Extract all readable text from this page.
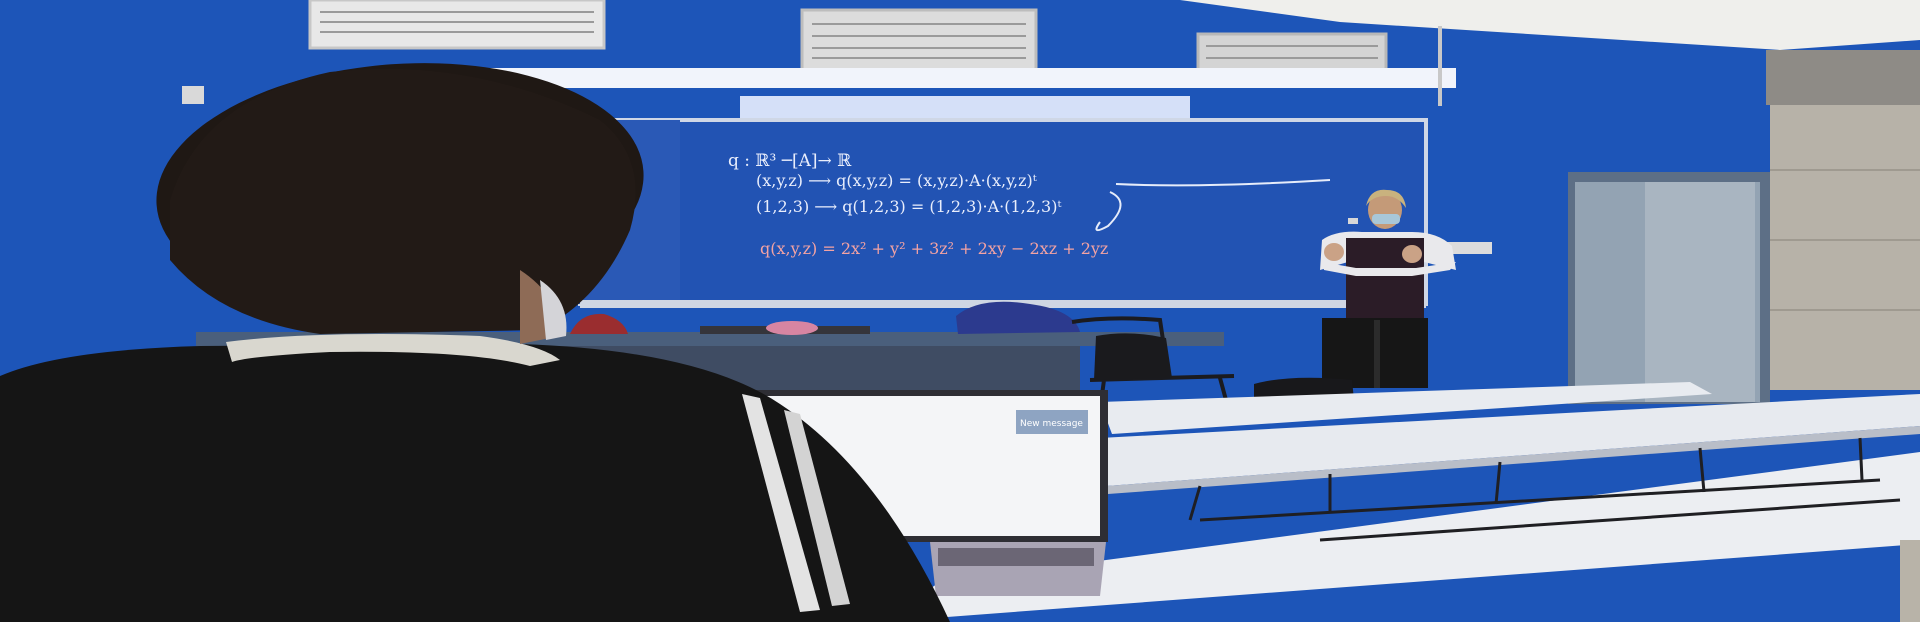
q : ℝ³ ─[A]→ ℝ
(x,y,z) ⟶ q(x,y,z) = (x,y,z)·A·(x,y,z)ᵗ
(1,2,3) ⟶ q(1,2,3) = (1,2,3)·A·(1,2,3)ᵗ
q(x,y,z) = 2x² + y² + 3z² + 2xy − 2xz + 2yz
New message
